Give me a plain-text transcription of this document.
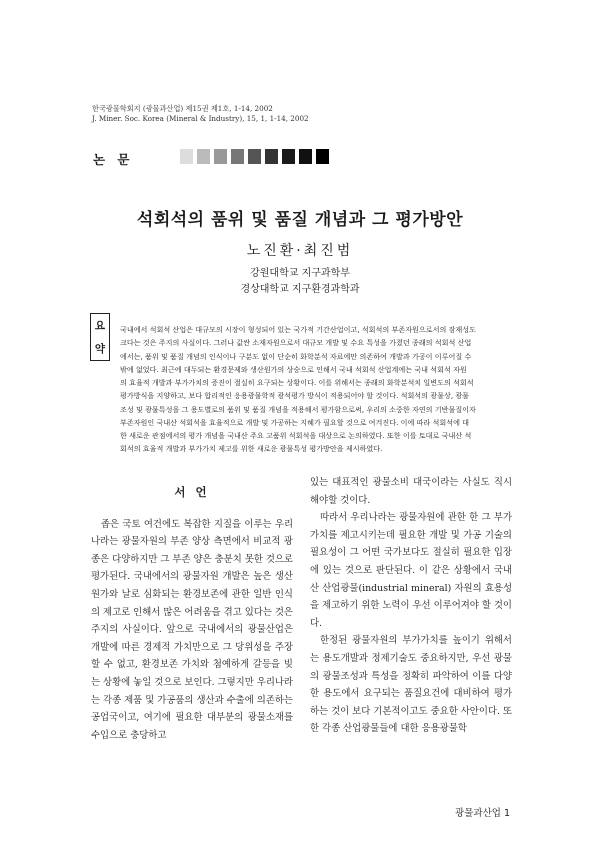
한국광물학회지 (광물과산업) 제15권 제1호, 1-14, 2002
J. Miner. Soc. Korea (Mineral & Industry), 15, 1, 1-14, 2002
논 문
석회석의 품위 및 품질 개념과 그 평가방안
노진환·최진범
강원대학교 지구과학부
경상대학교 지구환경과학과
요
약
국내에서 석회석 산업은 대규모의 시장이 형성되어 있는 국가적 기간산업이고, 석회석의 부존자원으로서의 잠재성도
크다는 것은 주지의 사실이다. 그러나 값싼 소재자원으로서 대규모 개발 및 수요 특성을 가졌던 종래의 석회석 산업
에서는, 품위 및 품질 개념의 인식이나 구분도 없이 단순히 화학분석 자료에만 의존하여 개발과 가공이 이루어질 수
밖에 없었다. 최근에 대두되는 환경문제와 생산원가의 상승으로 인해서 국내 석회석 산업계에는 국내 석회석 자원
의 효율적 개발과 부가가치의 증진이 절실히 요구되는 상황이다. 이를 위해서는 종래의 화학분석치 일변도의 석회석
평가방식을 지양하고, 보다 합리적인 응용광물학적 광석평가 방식이 적용되어야 할 것이다. 석회석의 광물상, 광물
조성 및 광물특성을 그 용도별로의 품위 및 품질 개념을 적용해서 평가함으로써, 우리의 소중한 자연의 기반물질이자
부존자원인 국내산 석회석을 효율적으로 개발 및 가공하는 지혜가 필요할 것으로 여겨진다. 이에 따라 석회석에 대
한 새로운 관점에서의 평가 개념을 국내산 주요 고품위 석회석을 대상으로 논의하였다. 또한 이를 토대로 국내산 석
회석의 효율적 개발과 부가가치 제고를 위한 새로운 광물특성 평가방안을 제시하였다.
서 언

좁은 국토 여건에도 복잡한 지질을 이루는 우리나라는 광물자원의 부존 양상 측면에서 비교적 광종은 다양하지만 그 부존 양은 충분치 못한 것으로 평가된다. 국내에서의 광물자원 개발은 높은 생산원가와 날로 심화되는 환경보존에 관한 일반 인식의 제고로 인해서 많은 어려움을 겪고 있다는 것은 주지의 사실이다. 앞으로 국내에서의 광물산업은 개발에 따른 경제적 가치만으로 그 당위성을 주장할 수 없고, 환경보존 가치와 첨예하게 갈등을 빚는 상황에 놓일 것으로 보인다. 그렇지만 우리나라는 각종 제품 및 가공품의 생산과 수출에 의존하는 공업국이고, 여기에 필요한 대부분의 광물소재를 수입으로 충당하고

있는 대표적인 광물소비 대국이라는 사실도 직시해야할 것이다.

따라서 우리나라는 광물자원에 관한 한 그 부가가치를 제고시키는데 필요한 개발 및 가공 기술의 필요성이 그 어떤 국가보다도 절실히 필요한 입장에 있는 것으로 판단된다. 이 같은 상황에서 국내산 산업광물(industrial mineral) 자원의 효용성을 제고하기 위한 노력이 우선 이루어져야 할 것이다.

한정된 광물자원의 부가가치를 높이기 위해서는 용도개발과 정제기술도 중요하지만, 우선 광물의 광물조성과 특성을 정확히 파악하여 이를 다양한 용도에서 요구되는 품질요건에 대비하여 평가하는 것이 보다 기본적이고도 중요한 사안이다. 또한 각종 산업광물들에 대한 응용광물학

광물과산업 1
